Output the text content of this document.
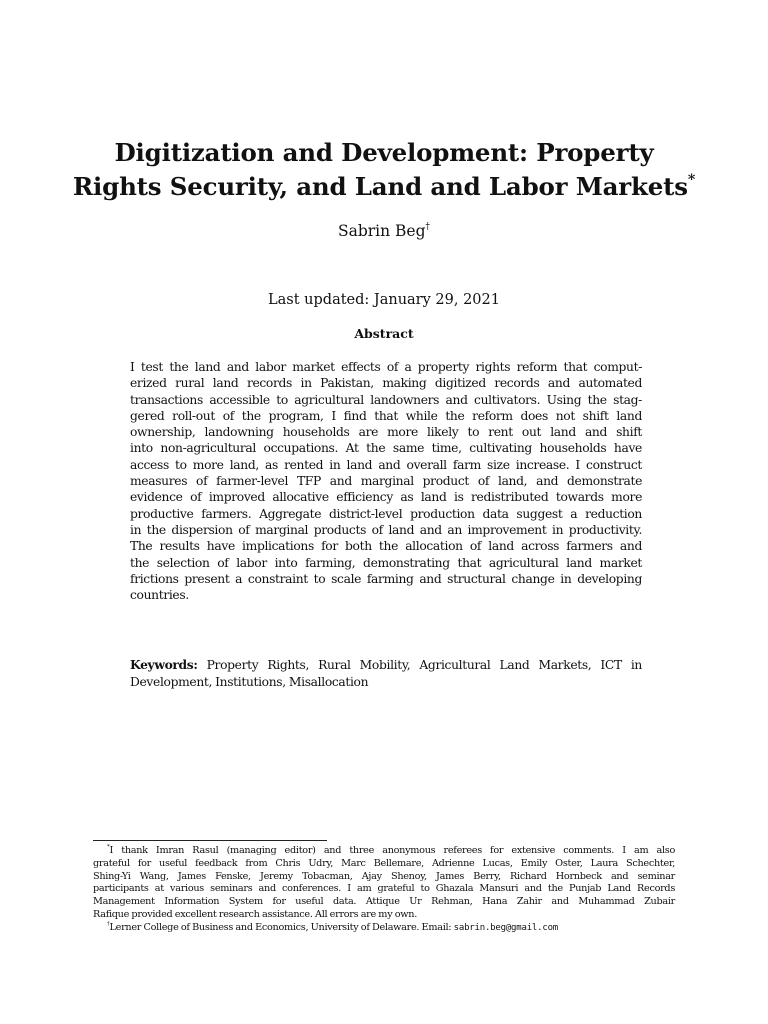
Digitization and Development: Property
Rights Security, and Land and Labor Markets*
Sabrin Beg†
Last updated: January 29, 2021
Abstract
I test the land and labor market effects of a property rights reform that comput-
erized rural land records in Pakistan, making digitized records and automated
transactions accessible to agricultural landowners and cultivators. Using the stag-
gered roll-out of the program, I find that while the reform does not shift land
ownership, landowning households are more likely to rent out land and shift
into non-agricultural occupations. At the same time, cultivating households have
access to more land, as rented in land and overall farm size increase. I construct
measures of farmer-level TFP and marginal product of land, and demonstrate
evidence of improved allocative efficiency as land is redistributed towards more
productive farmers. Aggregate district-level production data suggest a reduction
in the dispersion of marginal products of land and an improvement in productivity.
The results have implications for both the allocation of land across farmers and
the selection of labor into farming, demonstrating that agricultural land market
frictions present a constraint to scale farming and structural change in developing
countries.
Keywords: Property Rights, Rural Mobility, Agricultural Land Markets, ICT in
Development, Institutions, Misallocation
*I thank Imran Rasul (managing editor) and three anonymous referees for extensive comments. I am also
grateful for useful feedback from Chris Udry, Marc Bellemare, Adrienne Lucas, Emily Oster, Laura Schechter,
Shing-Yi Wang, James Fenske, Jeremy Tobacman, Ajay Shenoy, James Berry, Richard Hornbeck and seminar
participants at various seminars and conferences. I am grateful to Ghazala Mansuri and the Punjab Land Records
Management Information System for useful data. Attique Ur Rehman, Hana Zahir and Muhammad Zubair
Rafique provided excellent research assistance. All errors are my own.
†Lerner College of Business and Economics, University of Delaware. Email: sabrin.beg@gmail.com
